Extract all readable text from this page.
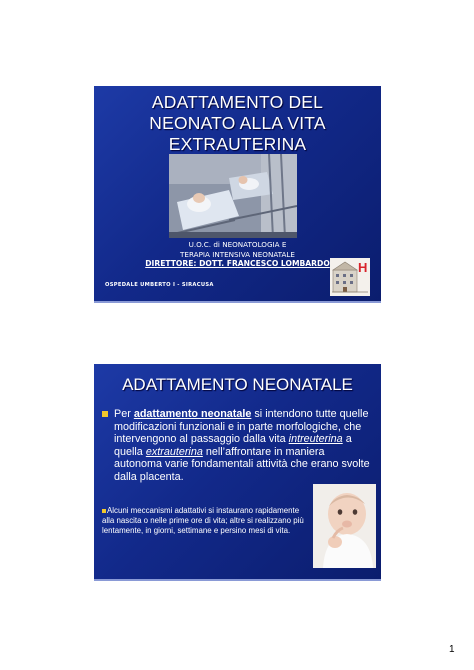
ADATTAMENTO DEL
NEONATO ALLA VITA
EXTRAUTERINA
U.O.C. di NEONATOLOGIA E
TERAPIA INTENSIVA NEONATALE
DIRETTORE: DOTT. FRANCESCO LOMBARDO
OSPEDALE UMBERTO I - SIRACUSA
H
ADATTAMENTO NEONATALE
Per adattamento neonatale si intendono tutte quelle modificazioni funzionali e in parte morfologiche, che intervengono al passaggio dalla vita intreuterina a quella extrauterina nell’affrontare in maniera autonoma varie fondamentali attività che erano svolte dalla placenta.
Alcuni meccanismi adattativi si instaurano rapidamente alla nascita o nelle prime ore di vita; altre si realizzano più lentamente, in giorni, settimane e persino mesi di vita.
1
